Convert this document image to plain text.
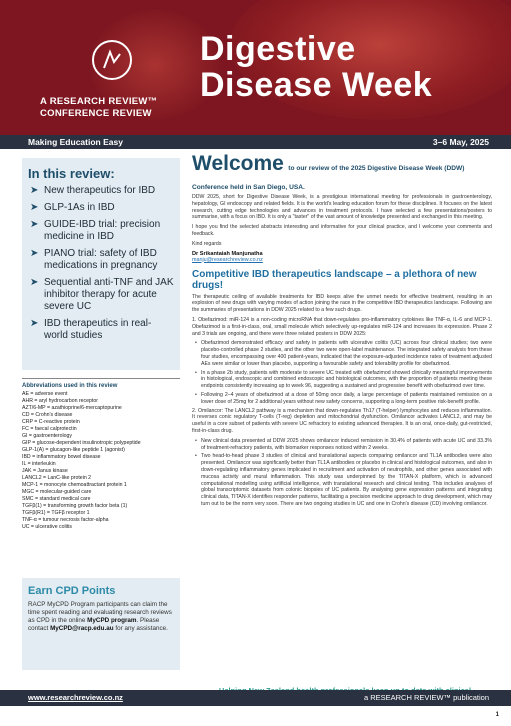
A RESEARCH REVIEW™
CONFERENCE REVIEW
Digestive
Disease Week
Making Education Easy	3–6 May, 2025
In this review:
➤ New therapeutics for IBD
➤ GLP-1As in IBD
➤ GUIDE-IBD trial: precision medicine in IBD
➤ PIANO trial: safety of IBD medications in pregnancy
➤ Sequential anti-TNF and JAK inhibitor therapy for acute severe UC
➤ IBD therapeutics in real-world studies
Abbreviations used in this review
AE = adverse event
AHR = aryl hydrocarbon receptor
AZT/6-MP = azathioprine/6-mercaptopurine
CD = Crohn's disease
CRP = C-reactive protein
FC = faecal calprotectin
GI = gastroenterology
GIP = glucose-dependent insulinotropic polypeptide
GLP-1(A) = glucagon-like peptide 1 (agonist)
IBD = inflammatory bowel disease
IL = interleukin
JAK = Janus kinase
LANCL2 = LanC-like protein 2
MCP-1 = monocyte chemoattractant protein 1
MGC = molecular-guided care
SMC = standard medical care
TGFβ(1) = transforming growth factor beta (1)
TGFβ(R1) = TGFβ receptor 1
TNF-α = tumour necrosis factor-alpha
UC = ulcerative colitis
Earn CPD Points

RACP MyCPD Program participants can claim the time spent reading and evaluating research reviews as CPD in the online MyCPD program. Please contact MyCPD@racp.edu.au for any assistance.

Welcome to our review of the 2025 Digestive Disease Week (DDW) Conference held in San Diego, USA.

DDW 2025, short for Digestive Disease Week, is a prestigious international meeting for professionals in gastroenterology, hepatology, GI endoscopy and related fields. It is the world's leading education forum for these disciplines. It focuses on the latest research, cutting edge technologies and advances in treatment protocols. I have selected a few presentations/posters to summarise, with a focus on IBD. It is only a "taster" of the vast amount of knowledge presented and exchanged in this meeting.

I hope you find the selected abstracts interesting and informative for your clinical practice, and I welcome your comments and feedback.

Kind regards

Dr Srikantaiah Manjunatha
manju@researchreview.co.nz
Competitive IBD therapeutics landscape – a plethora of new drugs!

The therapeutic ceiling of available treatments for IBD keeps alive the unmet needs for effective treatment, resulting in an explosion of new drugs with varying modes of action joining the race in the competitive IBD therapeutics landscape. Following are the summaries of presentations in DDW 2025 related to a few such drugs.

1. Obefazimod: miR-124 is a non-coding microRNA that down-regulates pro-inflammatory cytokines like TNF-α, IL-6 and MCP-1. Obefazimod is a first-in-class, oral, small molecule which selectively up-regulates miR-124 and increases its expression. Phase 2 and 3 trials are ongoing, and there were three related posters in DDW 2025:

• Obefazimod demonstrated efficacy and safety in patients with ulcerative colitis (UC) across four clinical studies; two were placebo-controlled phase 2 studies, and the other two were open-label maintenance. The integrated safety analysis from these four studies, encompassing over 400 patient-years, indicated that the exposure-adjusted incidence rates of treatment adjusted AEs were similar or lower than placebo, supporting a favourable safety and tolerability profile for obefazimod.
• In a phase 2b study, patients with moderate to severe UC treated with obefazimod showed clinically meaningful improvements in histological, endoscopic and combined endoscopic and histological outcomes, with the proportion of patients meeting these endpoints consistently increasing up to week 96, suggesting a sustained and progressive benefit with obefazimod over time.
• Following 2–4 years of obefazimod at a dose of 50mg once daily, a large percentage of patients maintained remission on a lower dose of 25mg for 2 additional years without new safety concerns, supporting a long-term positive risk-benefit profile.

2. Omilancor: The LANCL2 pathway is a mechanism that down-regulates Th17 (T-helper) lymphocytes and reduces inflammation. It reverses conic regulatory T-cells (T-reg) depletion and mitochondrial dysfunction. Omilancor activates LANCL2, and may be useful in a core subset of patients with severe UC refractory to existing advanced therapies. It is an oral, once-daily, gut-restricted, first-in-class drug.

• New clinical data presented at DDW 2025 shows omilancor induced remission in 30.4% of patients with acute UC and 33.3% of treatment-refractory patients, with biomarker responses noticed within 2 weeks.
• Two head-to-head phase 3 studies of clinical and translational aspects comparing omilancor and TL1A antibodies were also presented. Omilancor was significantly better than TL1A antibodies or placebo in clinical and histological outcomes, and also in down-regulating inflammatory genes implicated in recruitment and activation of neutrophils, and other genes associated with mucosa activity and mural inflammation. This study was underpinned by the TITAN-X platform, which is advanced computational modelling using artificial intelligence, with translational research and clinical testing. This includes analyses of global transcriptomic datasets from colonic biopsies of UC patients. By analysing gene expression patterns and integrating clinical data, TITAN-X identifies responder patterns, facilitating a precision medicine approach to drug development, which may turn out to be the norm very soon. There are two ongoing studies in UC and one in Crohn's disease (CD) involving omilancor.
www.researchreview.co.nz	a RESEARCH REVIEW™ publication
1
